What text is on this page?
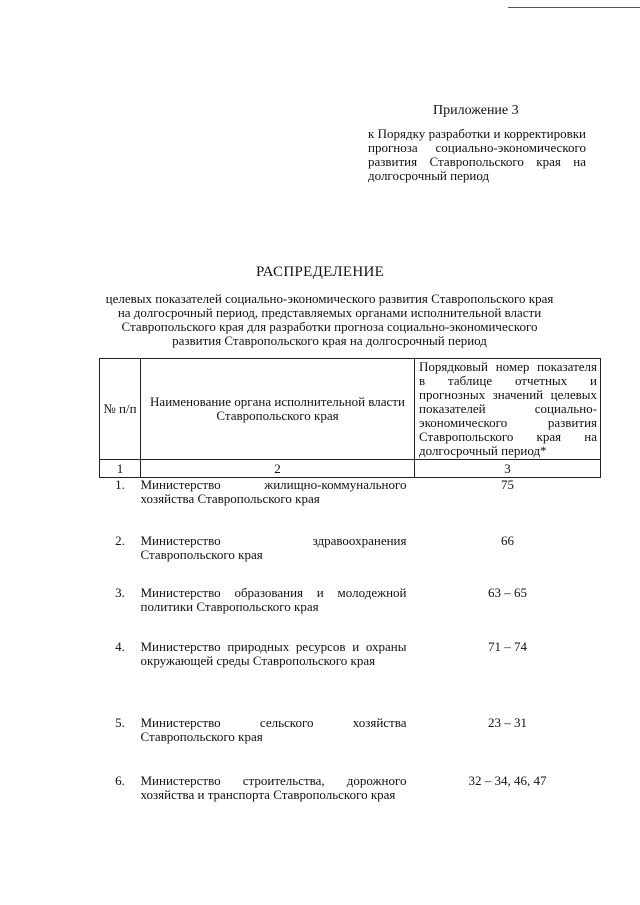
Приложение 3
к Порядку разработки и корректировки прогноза социально-экономического развития Ставропольского края на долгосрочный период
РАСПРЕДЕЛЕНИЕ
целевых показателей социально-экономического развития Ставропольского края на долгосрочный период, представляемых органами исполнительной власти Ставропольского края для разработки прогноза социально-экономического развития Ставропольского края на долгосрочный период
№ п/п	Наименование органа исполнительной власти Ставропольского края	Порядковый номер показателя в таблице отчетных и прогнозных значений целевых показателей социально-экономического развития Ставропольского края на долгосрочный период*
1	2	3
1.	Министерство жилищно-коммунального хозяйства Ставропольского края	75
2.	Министерство здравоохранения Ставропольского края	66
3.	Министерство образования и молодежной политики Ставропольского края	63 – 65
4.	Министерство природных ресурсов и охраны окружающей среды Ставропольского края	71 – 74
5.	Министерство сельского хозяйства Ставропольского края	23 – 31
6.	Министерство строительства, дорожного хозяйства и транспорта Ставропольского края	32 – 34, 46, 47
